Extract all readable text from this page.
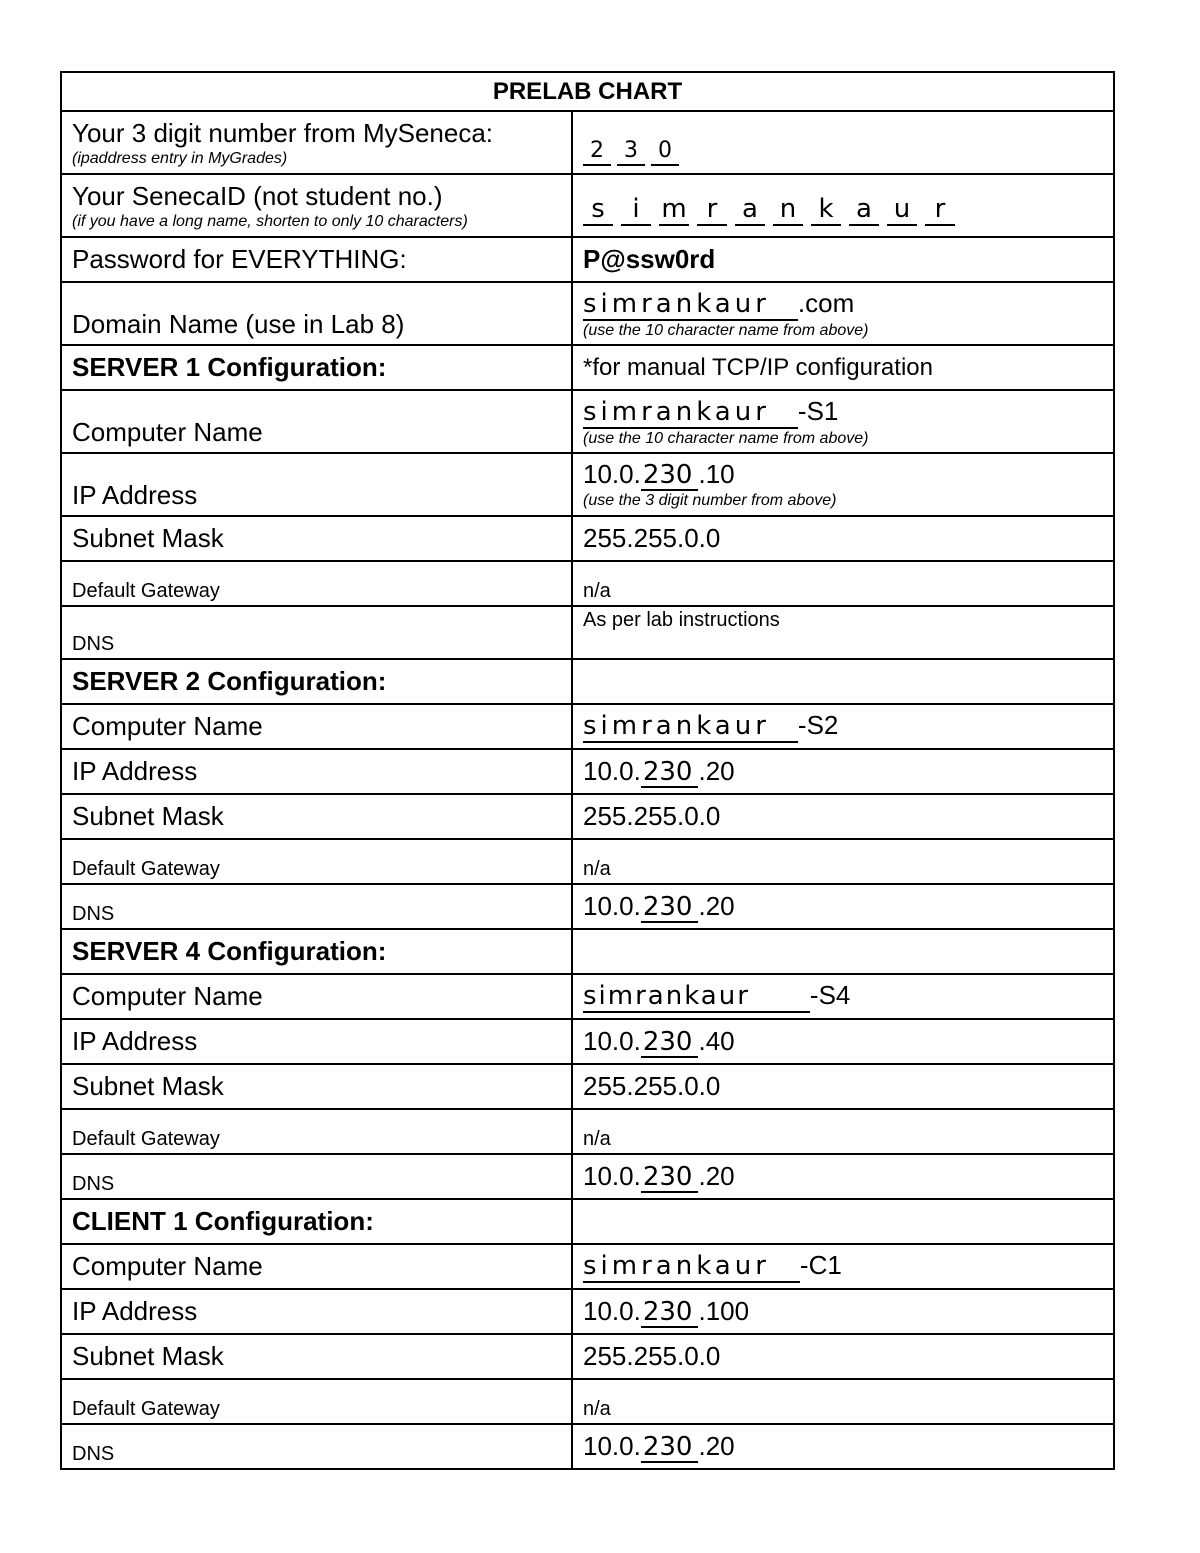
PRELAB CHART	
Your 3 digit number from MySeneca:
(ipaddress entry in MyGrades)	2 3 0

Your SenecaID (not student no.)
(if you have a long name, shorten to only 10 characters)	s i m r a n k a u r

Password for EVERYTHING:	P@ssw0rd
Domain Name (use in Lab 8)	simrankaur .com
(use the 10 character name from above)

SERVER 1 Configuration:	*for manual TCP/IP configuration
Computer Name	simrankaur -S1
(use the 10 character name from above)

IP Address	10.0.230 .10
(use the 3 digit number from above)

Subnet Mask	255.255.0.0
Default Gateway	n/a
DNS	As per lab instructions
SERVER 2 Configuration:	
Computer Name	simrankaur -S2
IP Address	10.0.230 .20
Subnet Mask	255.255.0.0
Default Gateway	n/a
DNS	10.0.230 .20
SERVER 4 Configuration:	
Computer Name	simrankaur -S4
IP Address	10.0.230 .40
Subnet Mask	255.255.0.0
Default Gateway	n/a
DNS	10.0.230 .20
CLIENT 1 Configuration:	
Computer Name	simrankaur -C1
IP Address	10.0.230 .100
Subnet Mask	255.255.0.0
Default Gateway	n/a
DNS	10.0.230 .20
